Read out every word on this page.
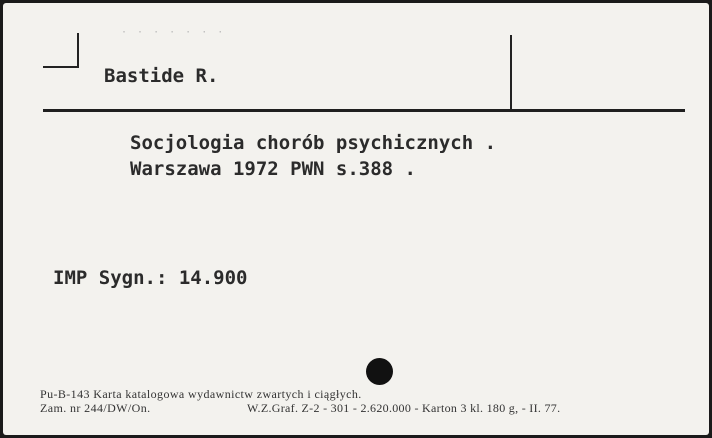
· · · · · · ·
Bastide R.
Socjologia chorób psychicznych .
Warszawa 1972 PWN s.388 .
IMP Sygn.: 14.900
Pu-B-143 Karta katalogowa wydawnictw zwartych i ciągłych.
Zam. nr 244/DW/On.	W.Z.Graf. Z-2 - 301 - 2.620.000 - Karton 3 kl. 180 g, - II. 77.
